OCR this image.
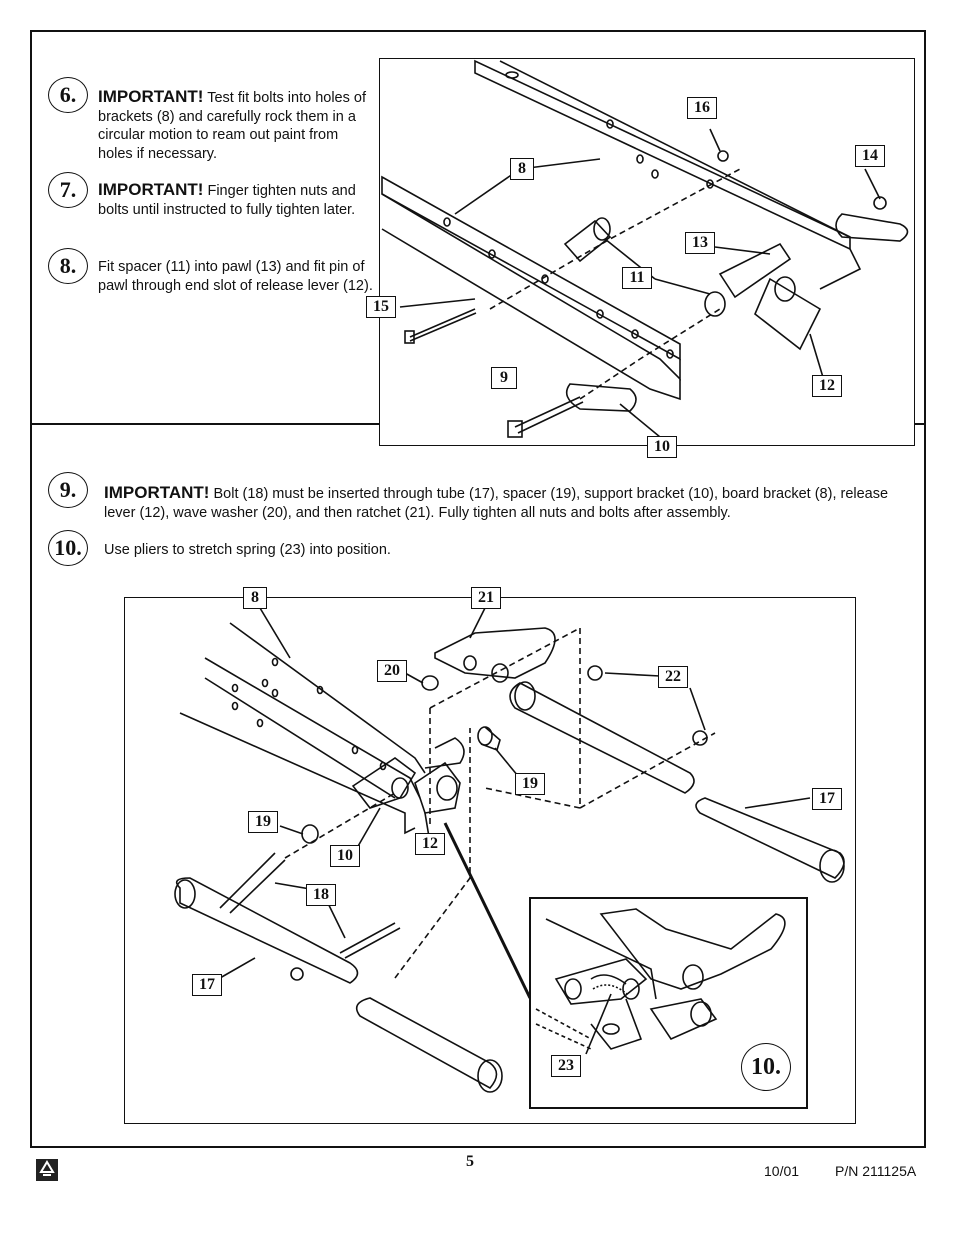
6.	IMPORTANT! Test fit bolts into holes of brackets (8) and carefully rock them in a circular motion to ream out paint from holes if necessary.
7.	IMPORTANT! Finger tighten nuts and bolts until instructed to fully tighten later.
8.	Fit spacer (11) into pawl (13) and fit pin of pawl through end slot of release lever (12).
16
14
8
13
11
15
9	12
10
9.	IMPORTANT! Bolt (18) must be inserted through tube (17), spacer (19), support bracket (10), board bracket (8), release lever (12), wave washer (20), and then ratchet (21). Fully tighten all nuts and bolts after assembly.
10.	Use pliers to stretch spring (23) into position.
8	21
20	22
19
19
17
10
12
18
17
23	10.
5
10/01	P/N 211125A
